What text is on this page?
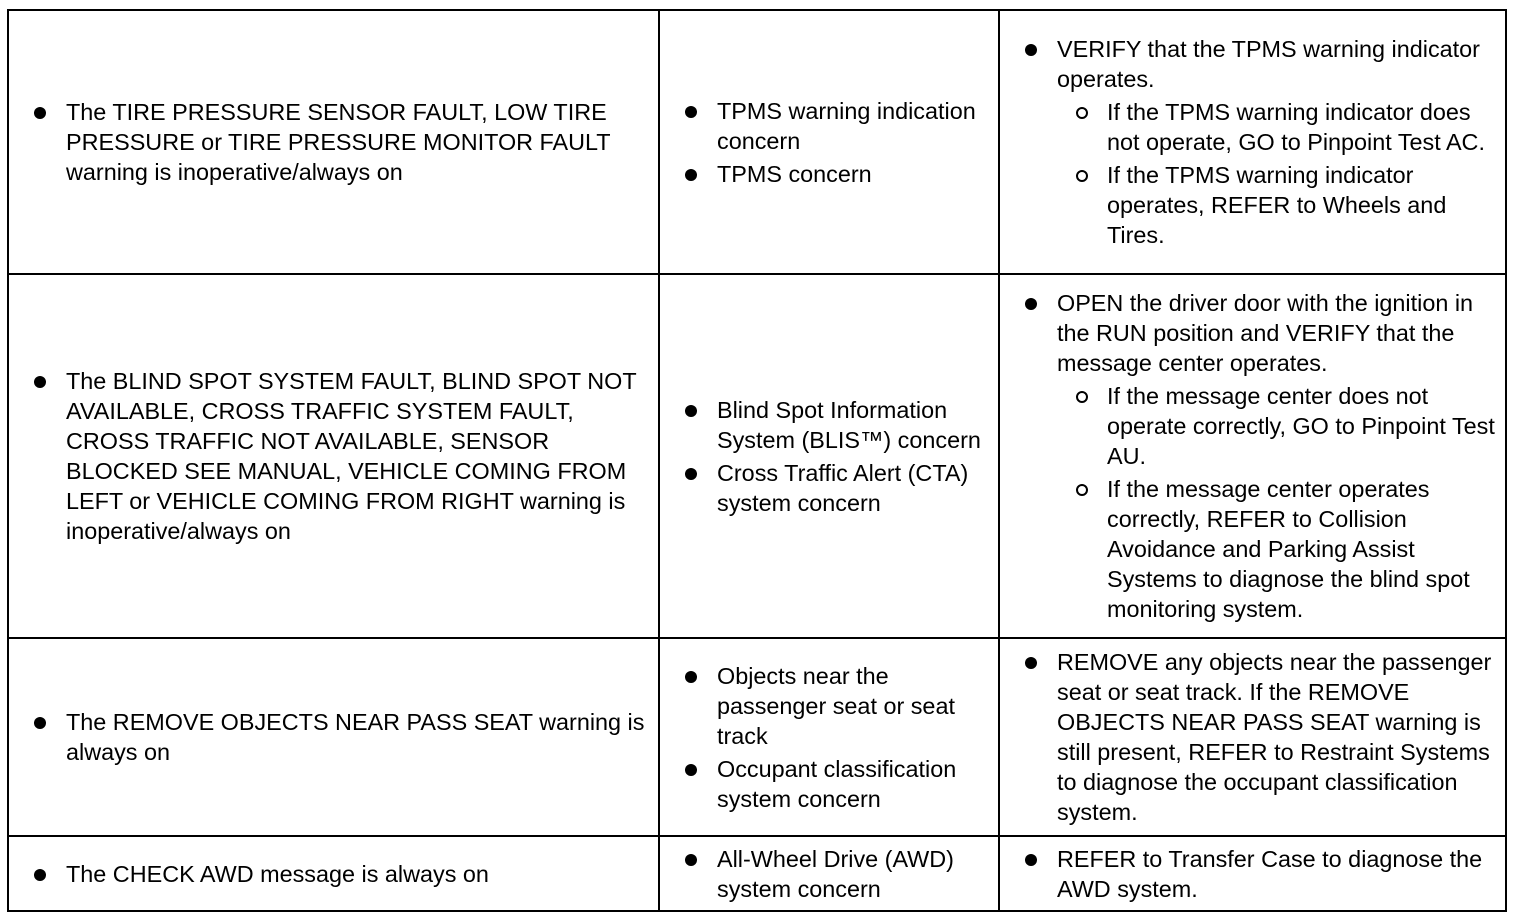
The TIRE PRESSURE SENSOR FAULT, LOW TIRE PRESSURE or TIRE PRESSURE MONITOR FAULT warning is inoperative/always on
TPMS warning indication concern
TPMS concern
VERIFY that the TPMS warning indicator operates.
If the TPMS warning indicator does not operate, GO to Pinpoint Test AC.
If the TPMS warning indicator operates, REFER to Wheels and Tires.
The BLIND SPOT SYSTEM FAULT, BLIND SPOT NOT AVAILABLE, CROSS TRAFFIC SYSTEM FAULT, CROSS TRAFFIC NOT AVAILABLE, SENSOR BLOCKED SEE MANUAL, VEHICLE COMING FROM LEFT or VEHICLE COMING FROM RIGHT warning is inoperative/always on
Blind Spot Information System (BLIS™) concern
Cross Traffic Alert (CTA) system concern
OPEN the driver door with the ignition in the RUN position and VERIFY that the message center operates.
If the message center does not operate correctly, GO to Pinpoint Test AU.
If the message center operates correctly, REFER to Collision Avoidance and Parking Assist Systems to diagnose the blind spot monitoring system.
The REMOVE OBJECTS NEAR PASS SEAT warning is always on
Objects near the passenger seat or seat track
Occupant classification system concern
REMOVE any objects near the passenger seat or seat track. If the REMOVE OBJECTS NEAR PASS SEAT warning is still present, REFER to Restraint Systems to diagnose the occupant classification system.
The CHECK AWD message is always on
All-Wheel Drive (AWD) system concern
REFER to Transfer Case to diagnose the AWD system.
